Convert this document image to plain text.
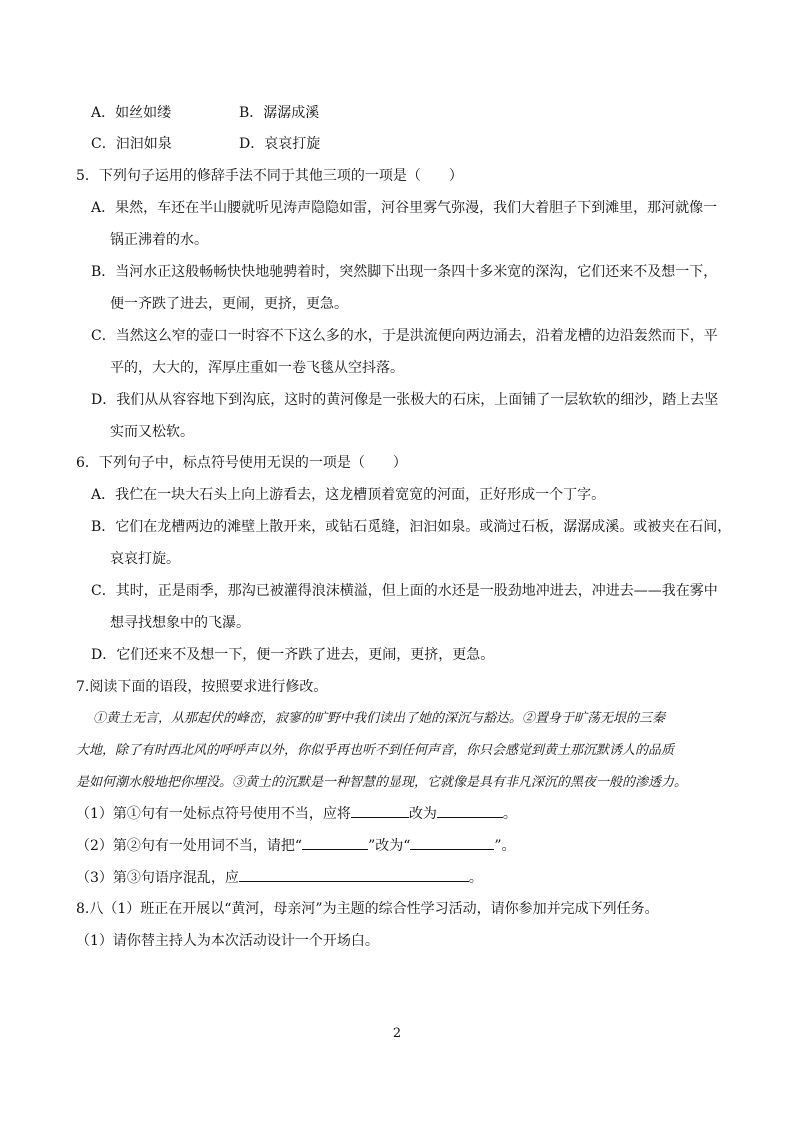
A．如丝如缕	B．潺潺成溪
C．汩汩如泉	D．哀哀打旋
5．下列句子运用的修辞手法不同于其他三项的一项是（　　）
A．果然，车还在半山腰就听见涛声隐隐如雷，河谷里雾气弥漫，我们大着胆子下到滩里，那河就像一
锅正沸着的水。
B．当河水正这般畅畅快快地驰骋着时，突然脚下出现一条四十多米宽的深沟，它们还来不及想一下，
便一齐跌了进去，更闹，更挤，更急。
C．当然这么窄的壶口一时容不下这么多的水，于是洪流便向两边涌去，沿着龙槽的边沿轰然而下，平
平的，大大的，浑厚庄重如一卷飞毯从空抖落。
D．我们从从容容地下到沟底，这时的黄河像是一张极大的石床，上面铺了一层软软的细沙，踏上去坚
实而又松软。
6．下列句子中，标点符号使用无误的一项是（　　）
A．我伫在一块大石头上向上游看去，这龙槽顶着宽宽的河面，正好形成一个丁字。
B．它们在龙槽两边的滩壁上散开来，或钻石觅缝，汩汩如泉。或淌过石板，潺潺成溪。或被夹在石间，
哀哀打旋。
C．其时，正是雨季，那沟已被灌得浪沫横溢，但上面的水还是一股劲地冲进去，冲进去——我在雾中
想寻找想象中的飞瀑。
D．它们还来不及想一下，便一齐跌了进去，更闹，更挤，更急。
7.阅读下面的语段，按照要求进行修改。
①黄土无言，从那起伏的峰峦，寂寥的旷野中我们读出了她的深沉与豁达。②置身于旷荡无垠的三秦
大地，除了有时西北风的呼呼声以外，你似乎再也听不到任何声音，你只会感觉到黄土那沉默诱人的品质
是如何潮水般地把你埋没。③黄土的沉默是一种智慧的显现，它就像是具有非凡深沉的黑夜一般的渗透力。
（1）第①句有一处标点符号使用不当，应将	改为	。
（2）第②句有一处用词不当，请把“	”改为“	”。
（3）第③句语序混乱，应	。
8.八（1）班正在开展以“黄河，母亲河”为主题的综合性学习活动，请你参加并完成下列任务。
（1）请你替主持人为本次活动设计一个开场白。
2
